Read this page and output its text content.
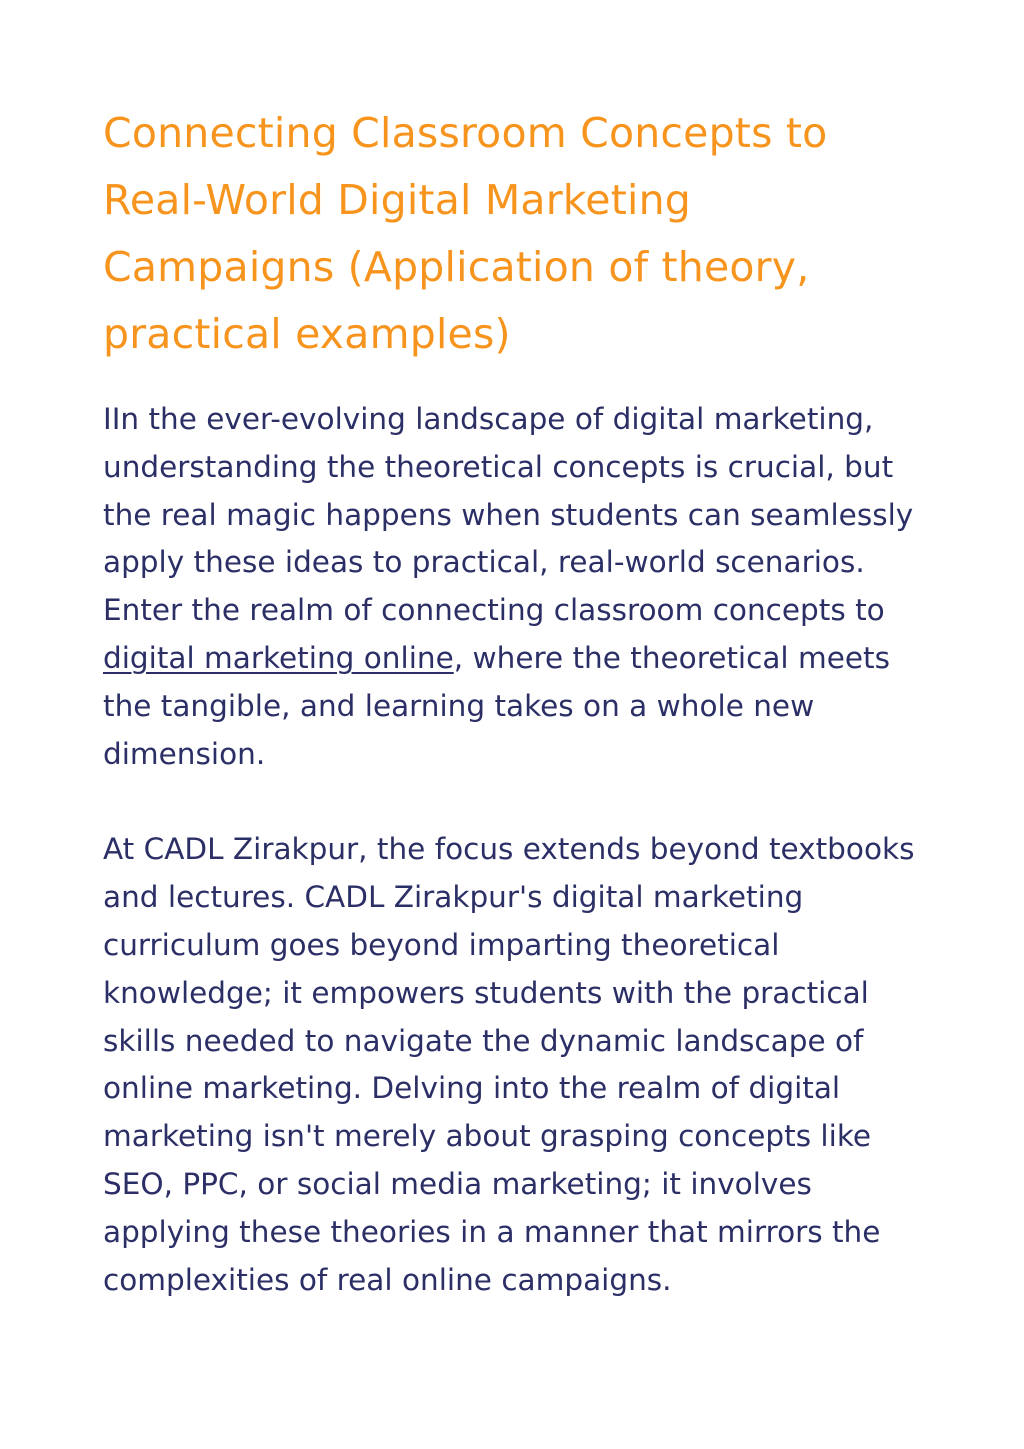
Connecting Classroom Concepts to Real-World Digital Marketing Campaigns (Application of theory, practical examples)

IIn the ever-evolving landscape of digital marketing, understanding the theoretical concepts is crucial, but the real magic happens when students can seamlessly apply these ideas to practical, real-world scenarios. Enter the realm of connecting classroom concepts to digital marketing online, where the theoretical meets the tangible, and learning takes on a whole new dimension.

At CADL Zirakpur, the focus extends beyond textbooks and lectures. CADL Zirakpur's digital marketing curriculum goes beyond imparting theoretical knowledge; it empowers students with the practical skills needed to navigate the dynamic landscape of online marketing. Delving into the realm of digital marketing isn't merely about grasping concepts like SEO, PPC, or social media marketing; it involves applying these theories in a manner that mirrors the complexities of real online campaigns.
